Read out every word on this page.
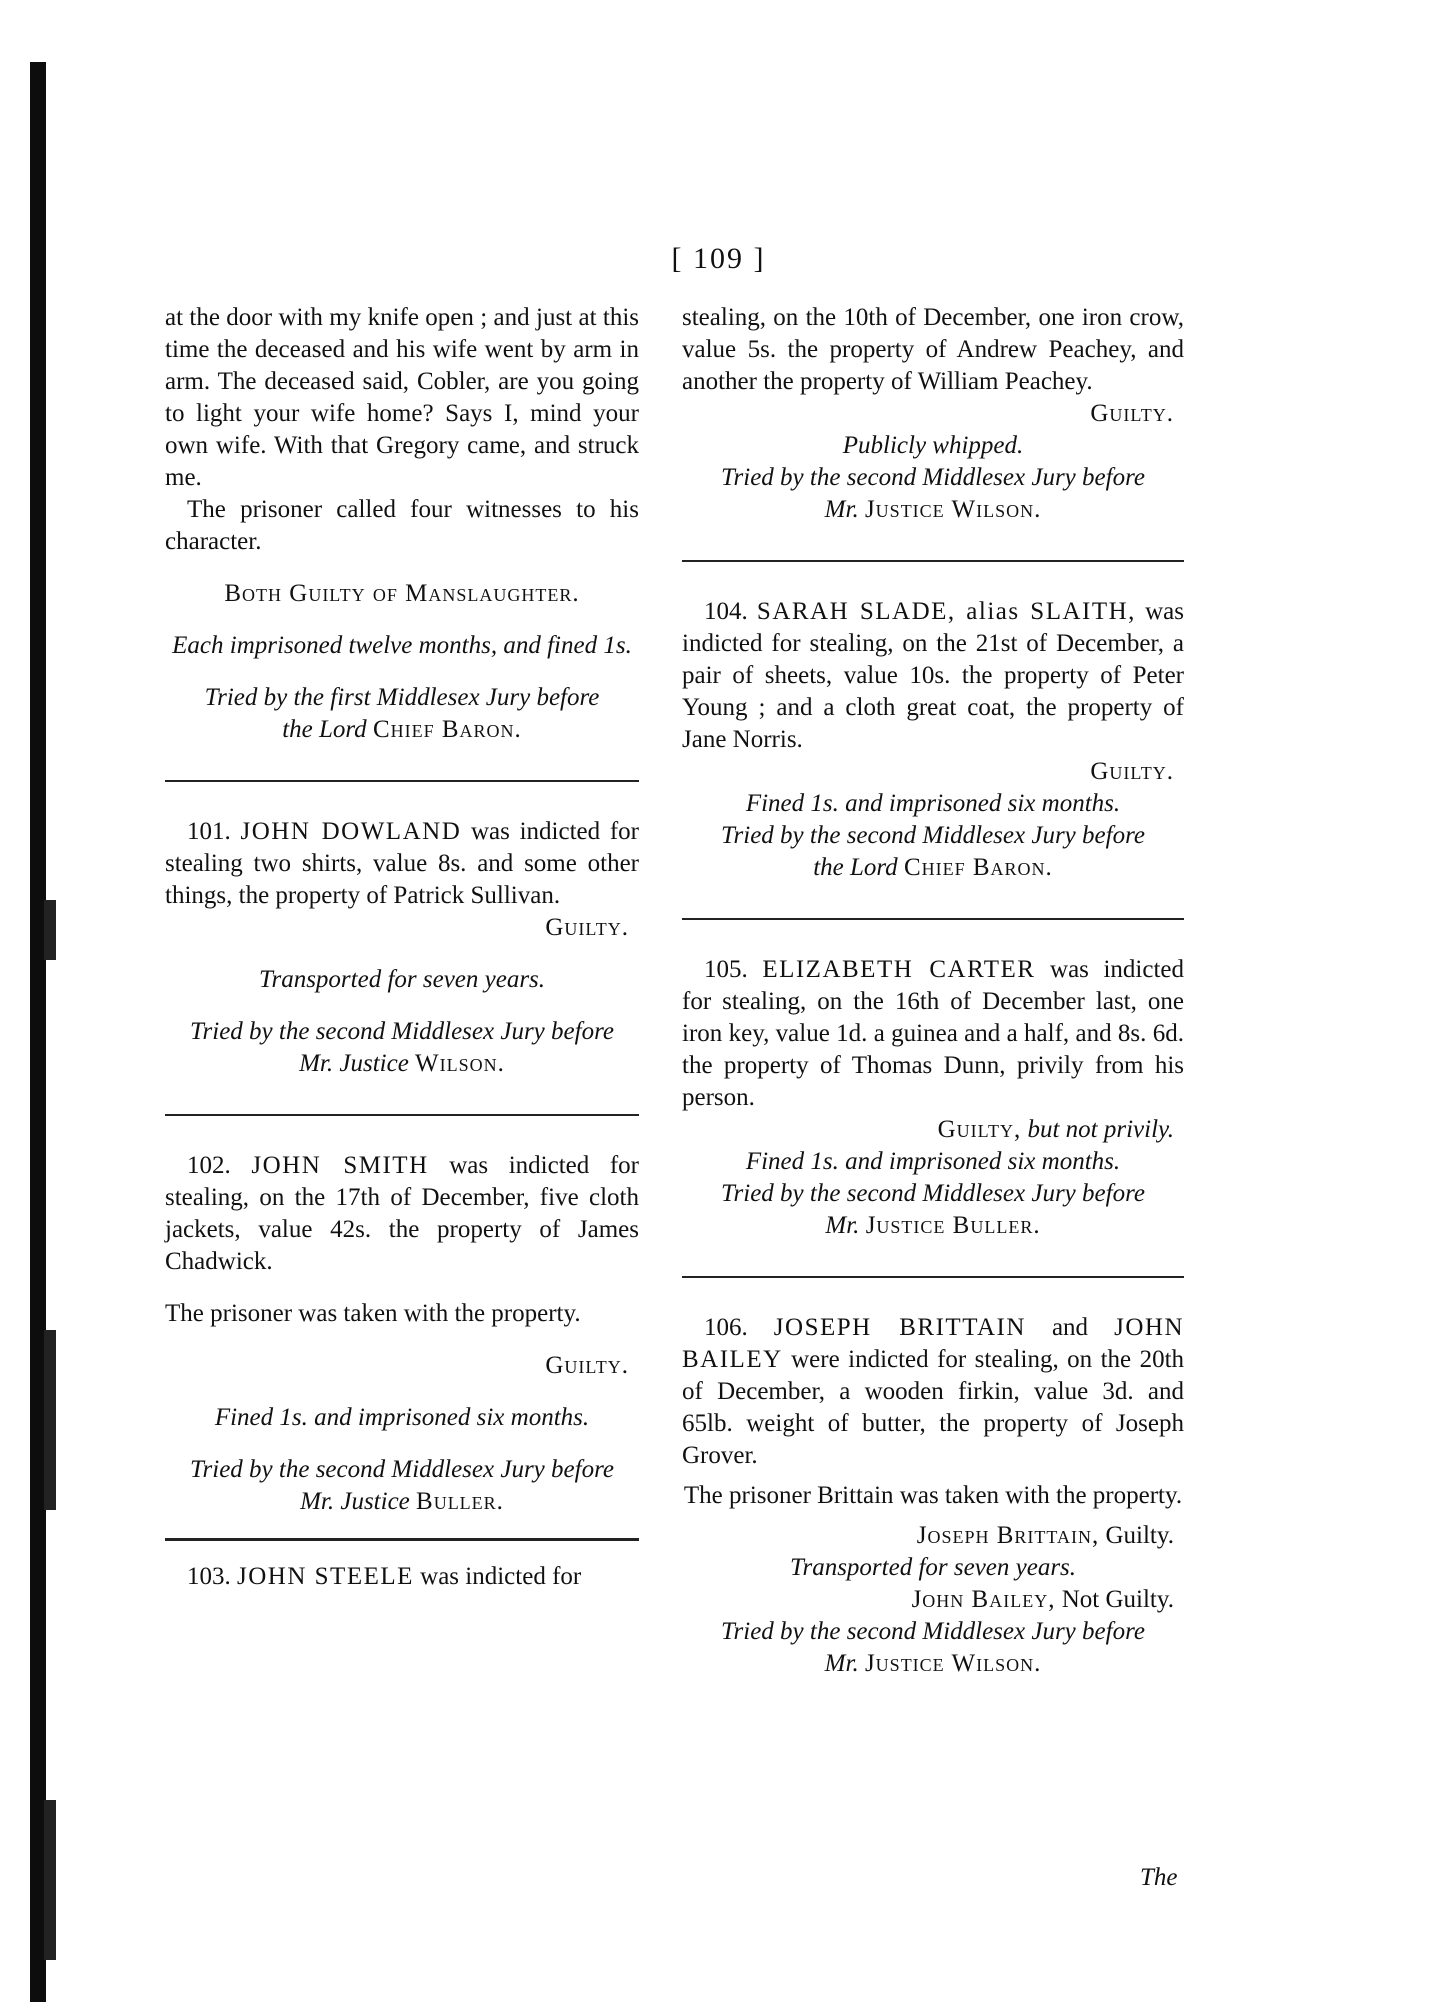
[ 109 ]

at the door with my knife open ; and just at this time the deceased and his wife went by arm in arm. The deceased said, Cobler, are you going to light your wife home? Says I, mind your own wife. With that Gregory came, and struck me.

The prisoner called four witnesses to his character.

Both Guilty of Manslaughter.

Each imprisoned twelve months, and fined 1s.

Tried by the first Middlesex Jury before

the Lord Chief Baron.

101. JOHN DOWLAND was indicted for stealing two shirts, value 8s. and some other things, the property of Patrick Sullivan.

Guilty.

Transported for seven years.

Tried by the second Middlesex Jury before

Mr. Justice Wilson.

102. JOHN SMITH was indicted for stealing, on the 17th of December, five cloth jackets, value 42s. the property of James Chadwick.

The prisoner was taken with the property.

Guilty.

Fined 1s. and imprisoned six months.

Tried by the second Middlesex Jury before

Mr. Justice Buller.

103. JOHN STEELE was indicted for

stealing, on the 10th of December, one iron crow, value 5s. the property of Andrew Peachey, and another the property of William Peachey.

Guilty.

Publicly whipped.

Tried by the second Middlesex Jury before

Mr. Justice Wilson.

104. SARAH SLADE, alias SLAITH, was indicted for stealing, on the 21st of December, a pair of sheets, value 10s. the property of Peter Young ; and a cloth great coat, the property of Jane Norris.

Guilty.

Fined 1s. and imprisoned six months.

Tried by the second Middlesex Jury before

the Lord Chief Baron.

105. ELIZABETH CARTER was indicted for stealing, on the 16th of December last, one iron key, value 1d. a guinea and a half, and 8s. 6d. the property of Thomas Dunn, privily from his person.

Guilty, but not privily.

Fined 1s. and imprisoned six months.

Tried by the second Middlesex Jury before

Mr. Justice Buller.

106. JOSEPH BRITTAIN and JOHN BAILEY were indicted for stealing, on the 20th of December, a wooden firkin, value 3d. and 65lb. weight of butter, the property of Joseph Grover.

The prisoner Brittain was taken with the property.

Joseph Brittain, Guilty.

Transported for seven years.

John Bailey, Not Guilty.

Tried by the second Middlesex Jury before

Mr. Justice Wilson.

The
